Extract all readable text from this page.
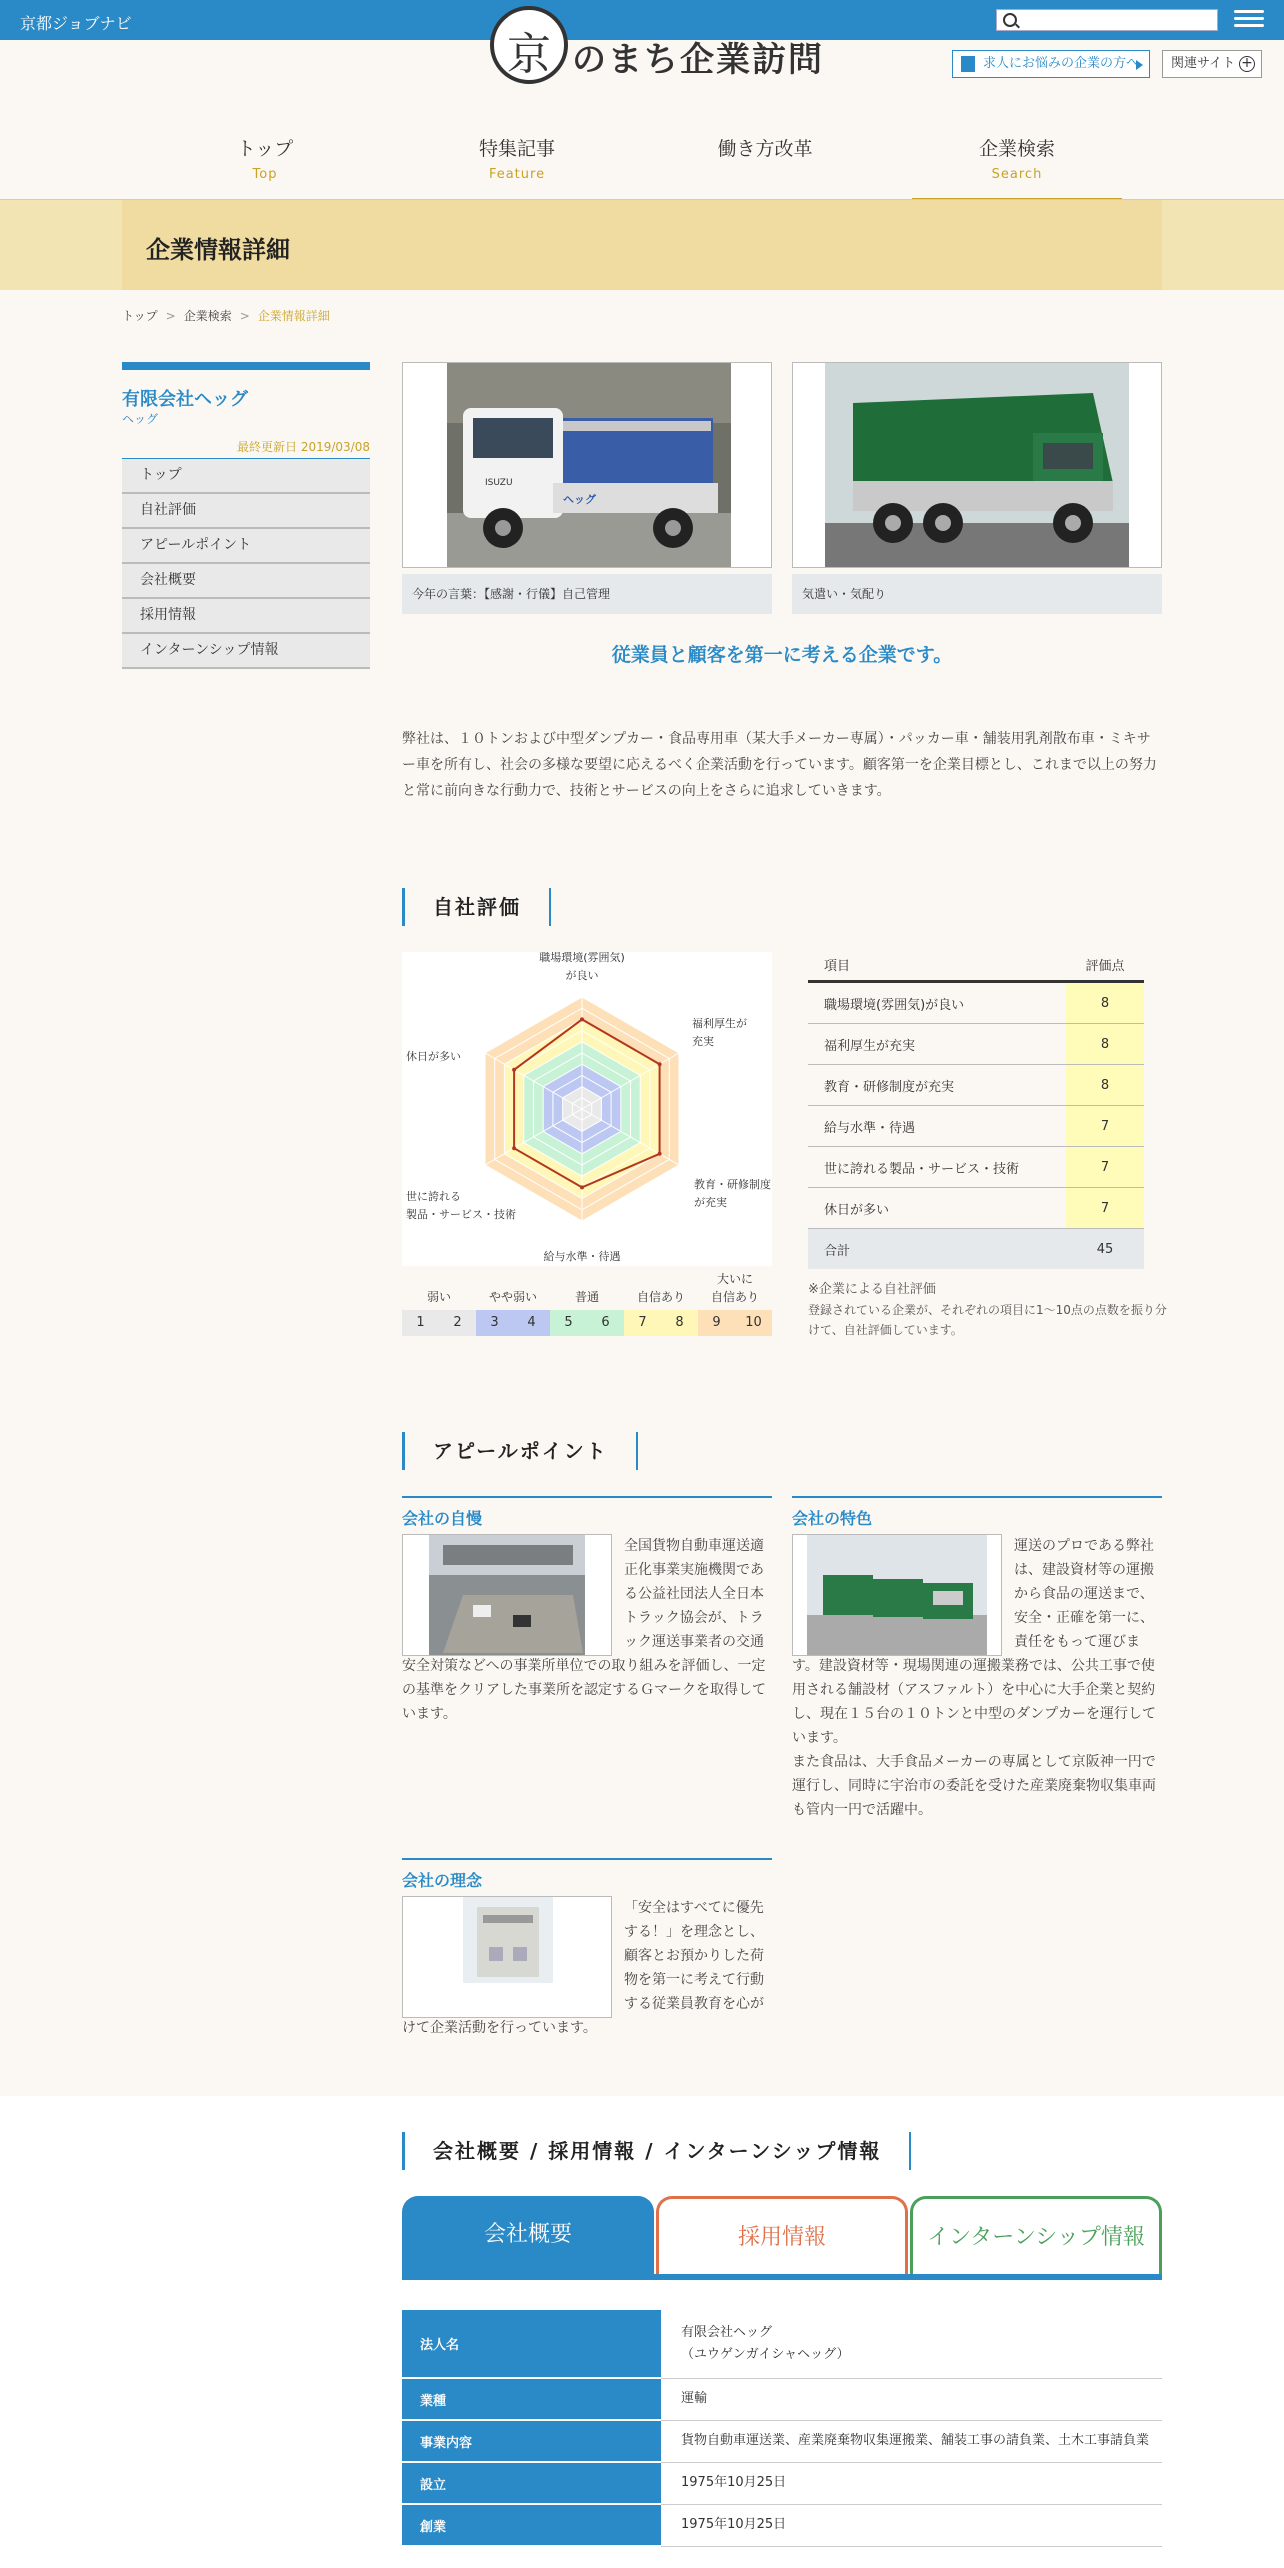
京都ジョブナビ
京 のまち企業訪問	求人にお悩みの企業の方へ	関連サイト +
トップ
Top
特集記事
Feature
働き方改革	企業検索
Search
企業情報詳細
トップ > 企業検索 > 企業情報詳細
有限会社ヘッグ
ヘッグ
最終更新日 2019/03/08
トップ
自社評価
アピールポイント
会社概要
採用情報
インターンシップ情報
ISUZU
ヘッグ
今年の言葉：【感謝・行儀】自己管理	気遣い・気配り
従業員と顧客を第一に考える企業です。
弊社は、１０トンおよび中型ダンプカー・食品専用車（某大手メーカー専属）・パッカー車・舗装用乳剤散布車・ミキサー車を所有し、社会の多様な要望に応えるべく企業活動を行っています。顧客第一を企業目標とし、これまで以上の努力と常に前向きな行動力で、技術とサービスの向上をさらに追求していきます。
自社評価
職場環境(雰囲気)
が良い
福利厚生が
充実
教育・研修制度
が充実
給与水準・待遇
世に誇れる
製品・サービス・技術
休日が多い
弱い	やや弱い	普通	自信あり
大いに
自信あり
1	2	3	4	5	6	7	8	9	10
項目	評価点
職場環境(雰囲気)が良い	8
福利厚生が充実	8
教育・研修制度が充実	8
給与水準・待遇	7
世に誇れる製品・サービス・技術	7
休日が多い	7
合計	45
※企業による自社評価
登録されている企業が、それぞれの項目に1～10点の点数を振り分けて、自社評価しています。
アピールポイント
会社の自慢
全国貨物自動車運送適正化事業実施機関である公益社団法人全日本トラック協会が、トラック運送事業者の交通安全対策などへの事業所単位での取り組みを評価し、一定の基準をクリアした事業所を認定するＧマークを取得しています。
会社の特色
運送のプロである弊社は、建設資材等の運搬から食品の運送まで、安全・正確を第一に、責任をもって運びます。建設資材等・現場関連の運搬業務では、公共工事で使用される舗設材（アスファルト）を中心に大手企業と契約し、現在１５台の１０トンと中型のダンプカーを運行しています。
また食品は、大手食品メーカーの専属として京阪神一円で運行し、同時に宇治市の委託を受けた産業廃棄物収集車両も管内一円で活躍中。
会社の理念
「安全はすべてに優先する！」を理念とし、顧客とお預かりした荷物を第一に考えて行動する従業員教育を心がけて企業活動を行っています。
会社概要 / 採用情報 / インターンシップ情報
会社概要	採用情報	インターンシップ情報
法人名	有限会社ヘッグ
（ユウゲンガイシャヘッグ）

業種	運輸
事業内容	貨物自動車運送業、産業廃棄物収集運搬業、舗装工事の請負業、土木工事請負業
設立	1975年10月25日
創業	1975年10月25日
